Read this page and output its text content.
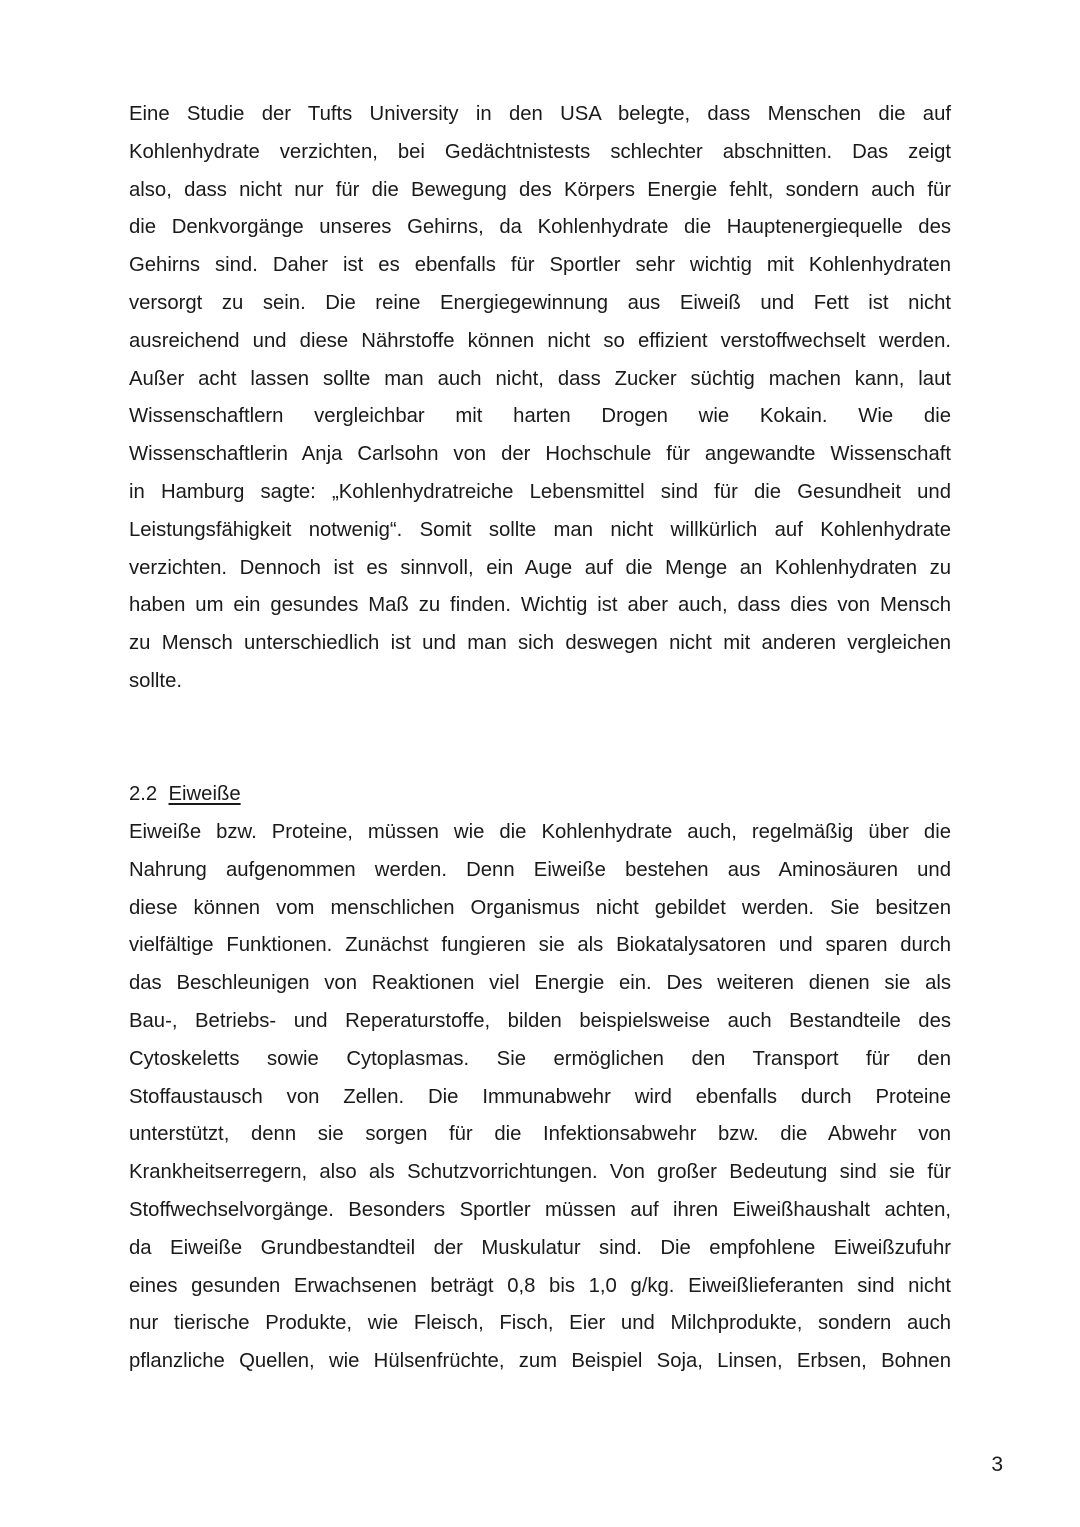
Eine Studie der Tufts University in den USA belegte, dass Menschen die auf
Kohlenhydrate verzichten, bei Gedächtnistests schlechter abschnitten. Das zeigt
also, dass nicht nur für die Bewegung des Körpers Energie fehlt, sondern auch für
die Denkvorgänge unseres Gehirns, da Kohlenhydrate die Hauptenergiequelle des
Gehirns sind. Daher ist es ebenfalls für Sportler sehr wichtig mit Kohlenhydraten
versorgt zu sein. Die reine Energiegewinnung aus Eiweiß und Fett ist nicht
ausreichend und diese Nährstoffe können nicht so effizient verstoffwechselt werden.
Außer acht lassen sollte man auch nicht, dass Zucker süchtig machen kann, laut
Wissenschaftlern vergleichbar mit harten Drogen wie Kokain. Wie die
Wissenschaftlerin Anja Carlsohn von der Hochschule für angewandte Wissenschaft
in Hamburg sagte: „Kohlenhydratreiche Lebensmittel sind für die Gesundheit und
Leistungsfähigkeit notwenig“. Somit sollte man nicht willkürlich auf Kohlenhydrate
verzichten. Dennoch ist es sinnvoll, ein Auge auf die Menge an Kohlenhydraten zu
haben um ein gesundes Maß zu finden. Wichtig ist aber auch, dass dies von Mensch
zu Mensch unterschiedlich ist und man sich deswegen nicht mit anderen vergleichen
sollte.
2.2 Eiweiße
Eiweiße bzw. Proteine, müssen wie die Kohlenhydrate auch, regelmäßig über die
Nahrung aufgenommen werden. Denn Eiweiße bestehen aus Aminosäuren und
diese können vom menschlichen Organismus nicht gebildet werden. Sie besitzen
vielfältige Funktionen. Zunächst fungieren sie als Biokatalysatoren und sparen durch
das Beschleunigen von Reaktionen viel Energie ein. Des weiteren dienen sie als
Bau-, Betriebs- und Reperaturstoffe, bilden beispielsweise auch Bestandteile des
Cytoskeletts sowie Cytoplasmas. Sie ermöglichen den Transport für den
Stoffaustausch von Zellen. Die Immunabwehr wird ebenfalls durch Proteine
unterstützt, denn sie sorgen für die Infektionsabwehr bzw. die Abwehr von
Krankheitserregern, also als Schutzvorrichtungen. Von großer Bedeutung sind sie für
Stoffwechselvorgänge. Besonders Sportler müssen auf ihren Eiweißhaushalt achten,
da Eiweiße Grundbestandteil der Muskulatur sind. Die empfohlene Eiweißzufuhr
eines gesunden Erwachsenen beträgt 0,8 bis 1,0 g/kg. Eiweißlieferanten sind nicht
nur tierische Produkte, wie Fleisch, Fisch, Eier und Milchprodukte, sondern auch
pflanzliche Quellen, wie Hülsenfrüchte, zum Beispiel Soja, Linsen, Erbsen, Bohnen
3
